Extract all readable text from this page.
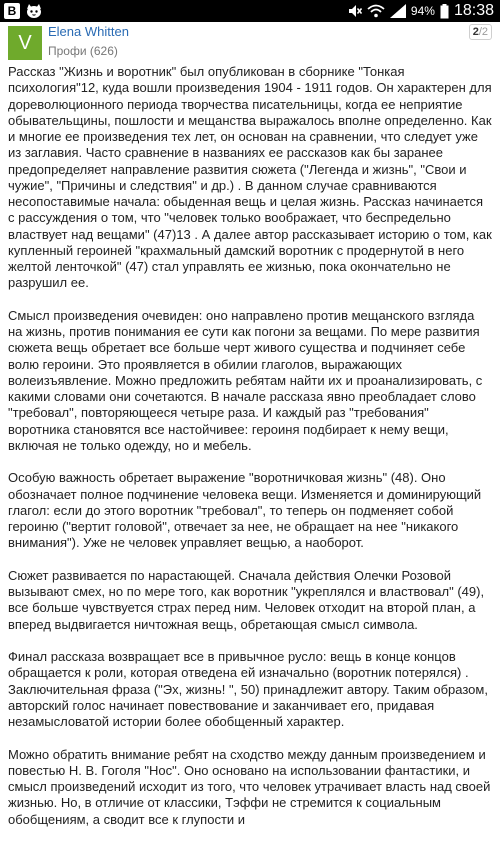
В	94% 18:38
V	Elena Whitten
Профи (626)
2/2

Рассказ "Жизнь и воротник" был опубликован в сборнике "Тонкая психология"12, куда вошли произведения 1904 - 1911 годов. Он характерен для дореволюционного периода творчества писательницы, когда ее неприятие обывательщины, пошлости и мещанства выражалось вполне определенно. Как и многие ее произведения тех лет, он основан на сравнении, что следует уже из заглавия. Часто сравнение в названиях ее рассказов как бы заранее предопределяет направление развития сюжета ("Легенда и жизнь", "Свои и чужие", "Причины и следствия" и др.) . В данном случае сравниваются несопоставимые начала: обыденная вещь и целая жизнь. Рассказ начинается с рассуждения о том, что "человек только воображает, что беспредельно властвует над вещами" (47)13 . А далее автор рассказывает историю о том, как купленный героиней "крахмальный дамский воротник с продернутой в него желтой ленточкой" (47) стал управлять ее жизнью, пока окончательно не разрушил ее.

Смысл произведения очевиден: оно направлено против мещанского взгляда на жизнь, против понимания ее сути как погони за вещами. По мере развития сюжета вещь обретает все больше черт живого существа и подчиняет себе волю героини. Это проявляется в обилии глаголов, выражающих волеизъявление. Можно предложить ребятам найти их и проанализировать, с какими словами они сочетаются. В начале рассказа явно преобладает слово "требовал", повторяющееся четыре раза. И каждый раз "требования" воротника становятся все настойчивее: героиня подбирает к нему вещи, включая не только одежду, но и мебель.

Особую важность обретает выражение "воротничковая жизнь" (48). Оно обозначает полное подчинение человека вещи. Изменяется и доминирующий глагол: если до этого воротник "требовал", то теперь он подменяет собой героиню ("вертит головой", отвечает за нее, не обращает на нее "никакого внимания"). Уже не человек управляет вещью, а наоборот.

Сюжет развивается по нарастающей. Сначала действия Олечки Розовой вызывают смех, но по мере того, как воротник "укреплялся и властвовал" (49), все больше чувствуется страх перед ним. Человек отходит на второй план, а вперед выдвигается ничтожная вещь, обретающая смысл символа.

Финал рассказа возвращает все в привычное русло: вещь в конце концов обращается к роли, которая отведена ей изначально (воротник потерялся) . Заключительная фраза ("Эх, жизнь! ", 50) принадлежит автору. Таким образом, авторский голос начинает повествование и заканчивает его, придавая незамысловатой истории более обобщенный характер.

Можно обратить внимание ребят на сходство между данным произведением и повестью Н. В. Гоголя "Нос". Оно основано на использовании фантастики, и смысл произведений исходит из того, что человек утрачивает власть над своей жизнью. Но, в отличие от классики, Тэффи не стремится к социальным обобщениям, а сводит все к глупости и
